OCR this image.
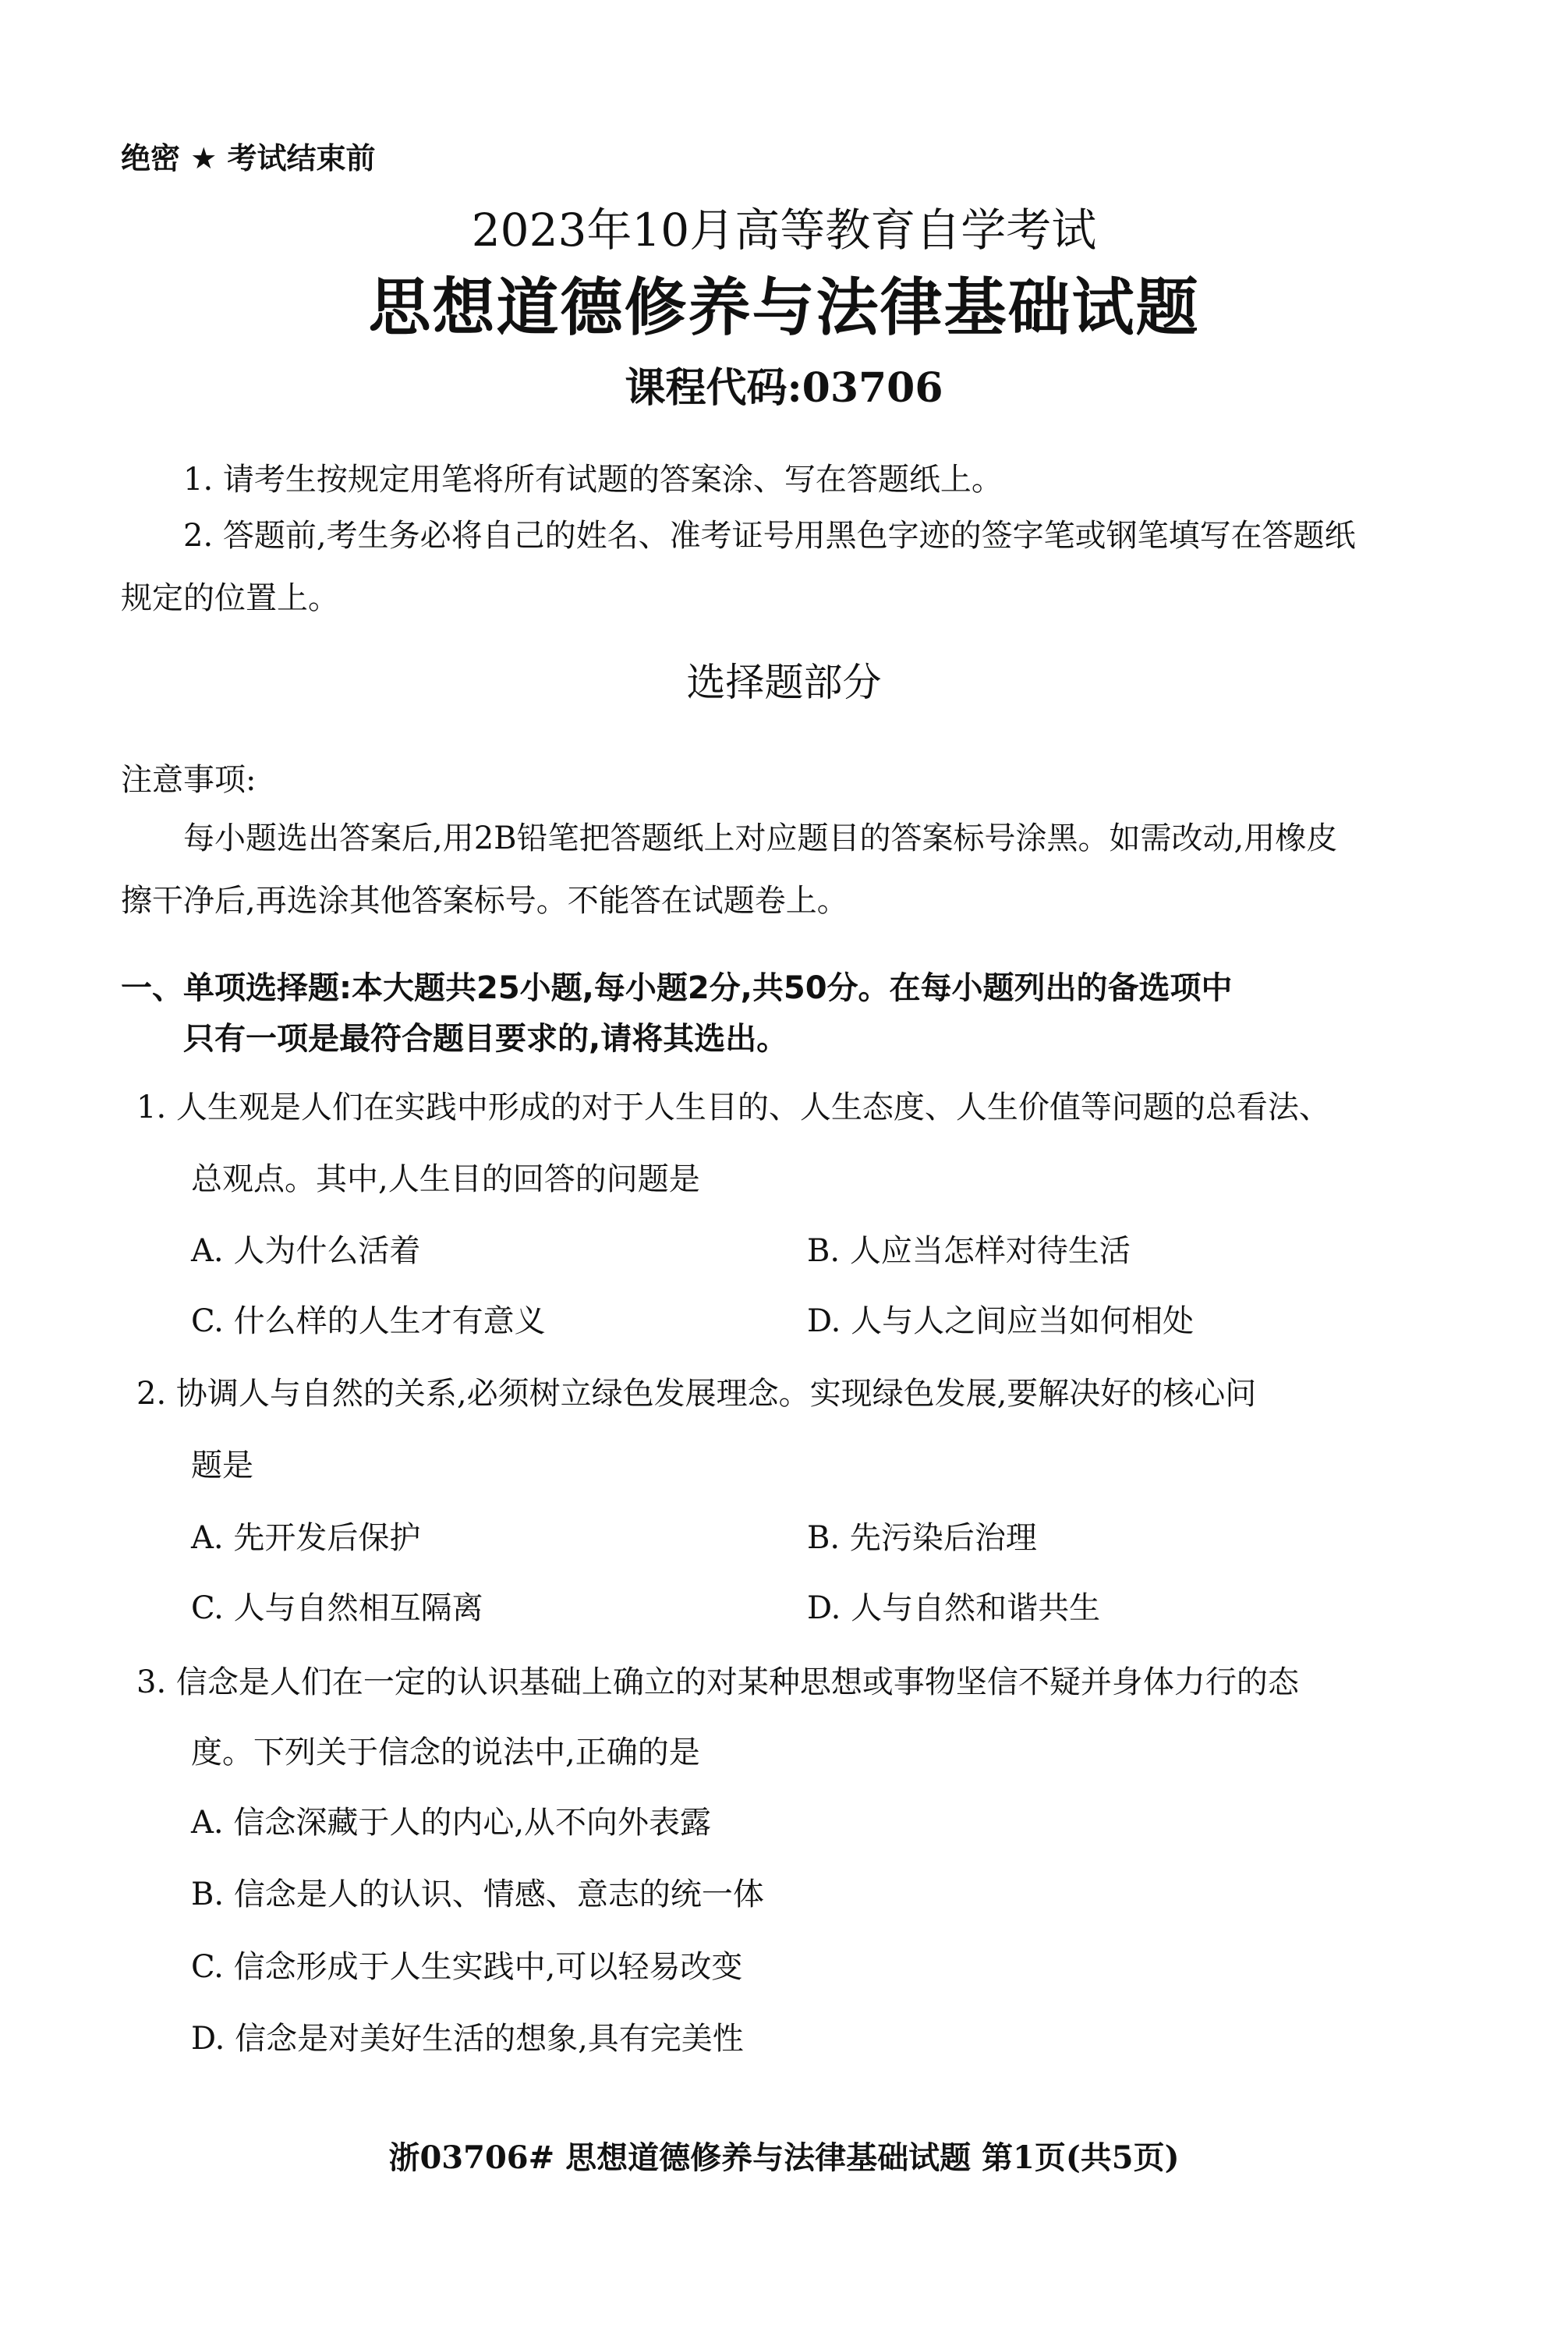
绝密 ★ 考试结束前
2023年10月高等教育自学考试
思想道德修养与法律基础试题
课程代码:03706
1. 请考生按规定用笔将所有试题的答案涂、写在答题纸上。
2. 答题前,考生务必将自己的姓名、准考证号用黑色字迹的签字笔或钢笔填写在答题纸
规定的位置上。
选择题部分
注意事项:
每小题选出答案后,用2B铅笔把答题纸上对应题目的答案标号涂黑。如需改动,用橡皮
擦干净后,再选涂其他答案标号。不能答在试题卷上。
一、单项选择题:本大题共25小题,每小题2分,共50分。在每小题列出的备选项中
只有一项是最符合题目要求的,请将其选出。
1. 人生观是人们在实践中形成的对于人生目的、人生态度、人生价值等问题的总看法、
总观点。其中,人生目的回答的问题是
A. 人为什么活着	B. 人应当怎样对待生活
C. 什么样的人生才有意义	D. 人与人之间应当如何相处
2. 协调人与自然的关系,必须树立绿色发展理念。实现绿色发展,要解决好的核心问
题是
A. 先开发后保护	B. 先污染后治理
C. 人与自然相互隔离	D. 人与自然和谐共生
3. 信念是人们在一定的认识基础上确立的对某种思想或事物坚信不疑并身体力行的态
度。下列关于信念的说法中,正确的是
A. 信念深藏于人的内心,从不向外表露
B. 信念是人的认识、情感、意志的统一体
C. 信念形成于人生实践中,可以轻易改变
D. 信念是对美好生活的想象,具有完美性
浙03706# 思想道德修养与法律基础试题 第1页(共5页)
